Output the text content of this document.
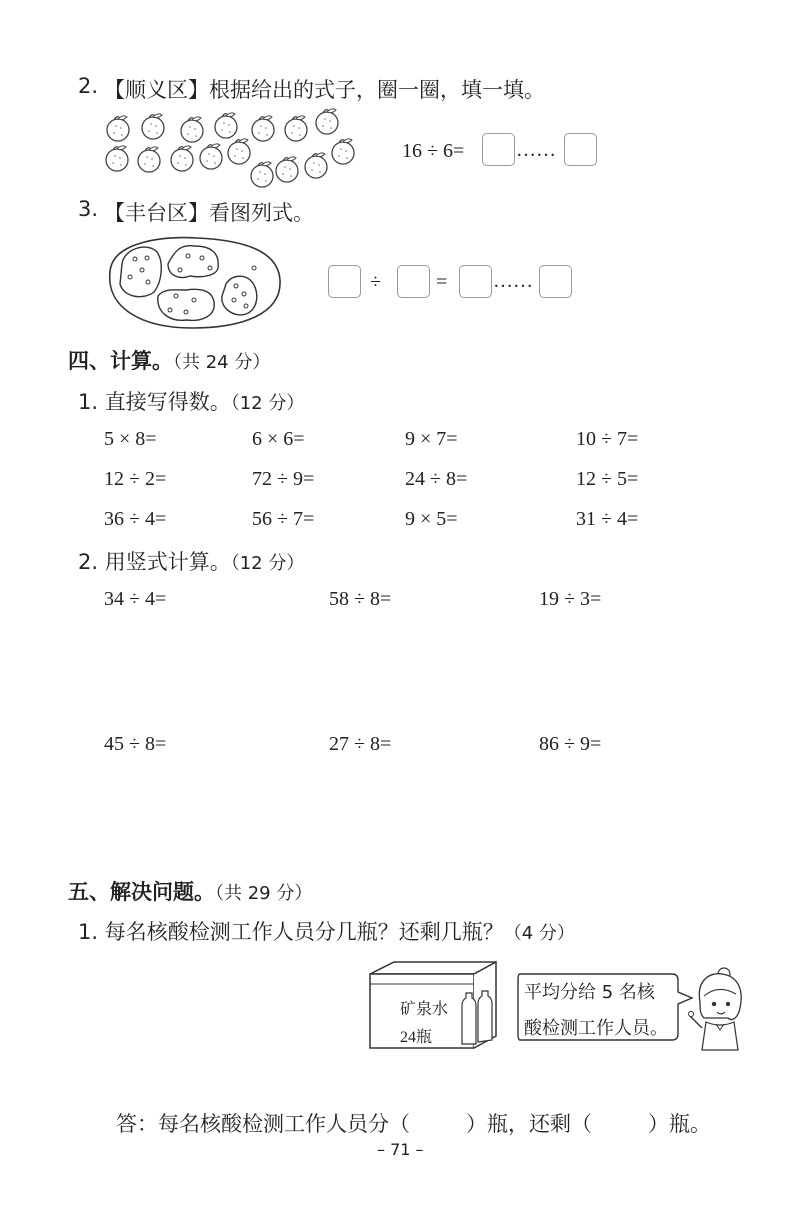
2. 【顺义区】根据给出的式子，圈一圈，填一填。
16 ÷ 6=	……
3. 【丰台区】看图列式。
÷	= ……
四、计算。（共 24 分）
1. 直接写得数。（12 分）
5 × 8=	6 × 6=	9 × 7=	10 ÷ 7=
12 ÷ 2=	72 ÷ 9=	24 ÷ 8=	12 ÷ 5=
36 ÷ 4=	56 ÷ 7=	9 × 5=	31 ÷ 4=
2. 用竖式计算。（12 分）
34 ÷ 4=	58 ÷ 8=	19 ÷ 3=
45 ÷ 8=	27 ÷ 8=	86 ÷ 9=
五、解决问题。（共 29 分）
1. 每名核酸检测工作人员分几瓶？还剩几瓶？（4 分）
矿泉水
24瓶
平均分给 5 名核
酸检测工作人员。
答：每名核酸检测工作人员分（	）瓶，还剩（	）瓶。
– 71 –
